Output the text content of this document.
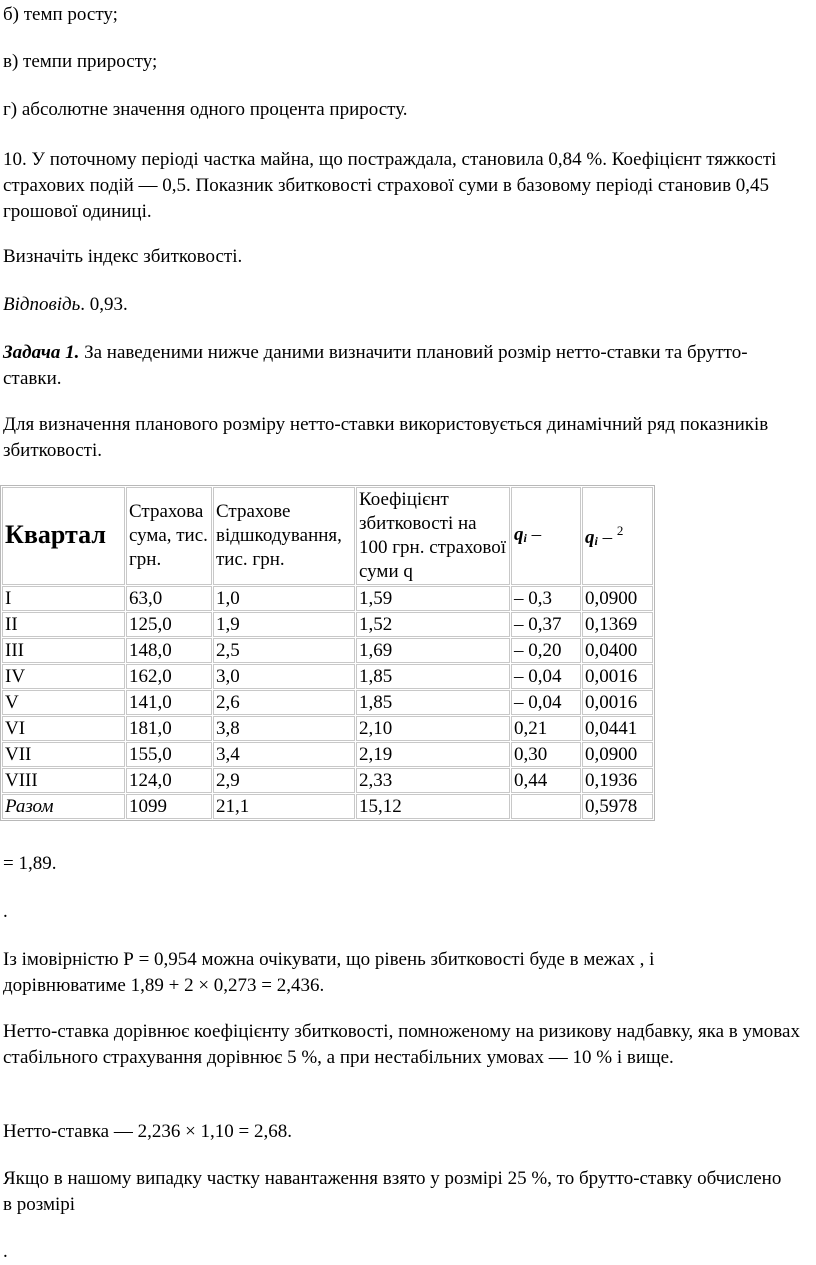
б) темп росту;

в) темпи приросту;

г) абсолютне значення одного процента приросту.

10. У поточному періоді частка майна, що постраждала, становила 0,84 %. Коефіцієнт тяжкості страхових подій — 0,5. Показник збитковості страхової суми в базовому періоді становив 0,45 грошової одиниці.

Визначіть індекс збитковості.

Відповідь. 0,93.

Задача 1. За наведеними нижче даними визначити плановий розмір нетто-ставки та брутто-ставки.

Для визначення планового розміру нетто-ставки використовується динамічний ряд показників збитковості.

Квартал	Страхова сума, тис. грн.	Страхове відшкодування, тис. грн.	Коефіцієнт збитковості на 100 грн. страхової суми q	qi –	qi – $^2$
I	63,0	1,0	1,59	– 0,3	0,0900
II	125,0	1,9	1,52	– 0,37	0,1369
III	148,0	2,5	1,69	– 0,20	0,0400
IV	162,0	3,0	1,85	– 0,04	0,0016
V	141,0	2,6	1,85	– 0,04	0,0016
VI	181,0	3,8	2,10	0,21	0,0441
VII	155,0	3,4	2,19	0,30	0,0900
VIII	124,0	2,9	2,33	0,44	0,1936
Разом	1099	21,1	15,12		0,5978

= 1,89.

.

Із імовірністю Р = 0,954 можна очікувати, що рівень збитковості буде в межах , і дорівнюватиме 1,89 + 2 × 0,273 = 2,436.

Нетто-ставка дорівнює коефіцієнту збитковості, помноженому на ризикову надбавку, яка в умовах стабільного страхування дорівнює 5 %, а при нестабільних умовах — 10 % і вище.

Нетто-ставка — 2,236 × 1,10 = 2,68.

Якщо в нашому випадку частку навантаження взято у розмірі 25 %, то брутто-ставку обчислено в розмірі

.
